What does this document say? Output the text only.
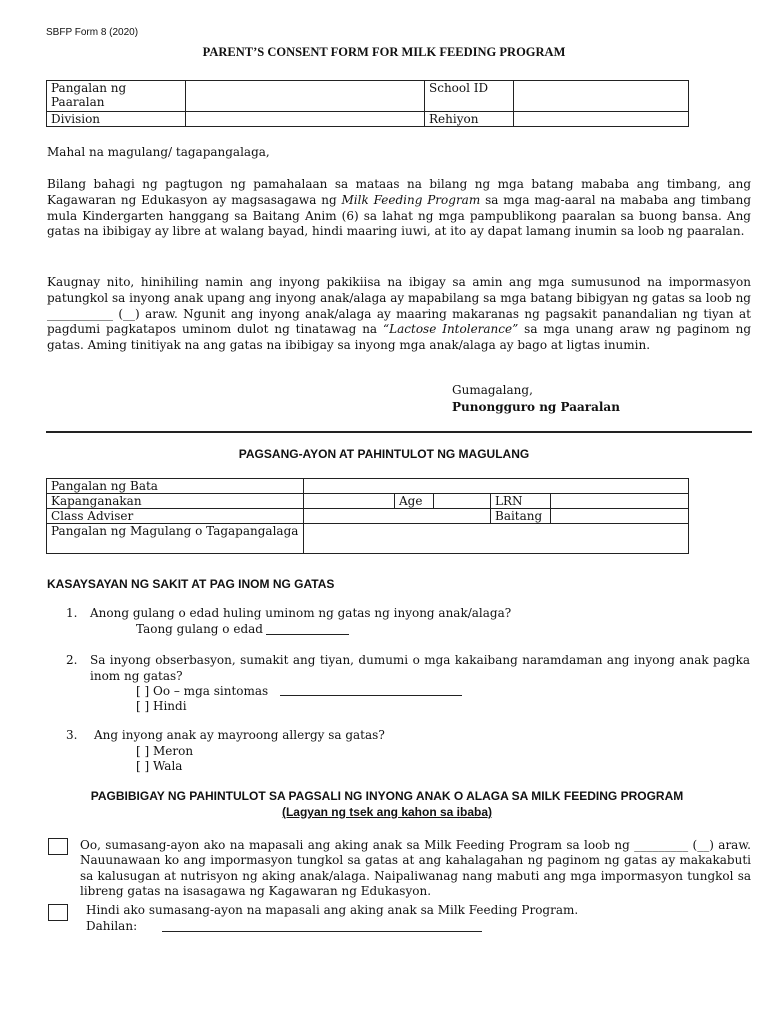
SBFP Form 8 (2020)
PARENT’S CONSENT FORM FOR MILK FEEDING PROGRAM
Pangalan ng Paaralan		School ID	
Division		Rehiyon	
Mahal na magulang/ tagapangalaga,
Bilang bahagi ng pagtugon ng pamahalaan sa mataas na bilang ng mga batang mababa ang timbang, ang Kagawaran ng Edukasyon ay magsasagawa ng Milk Feeding Program sa mga mag-aaral na mababa ang timbang mula Kindergarten hanggang sa Baitang Anim (6) sa lahat ng mga pampublikong paaralan sa buong bansa. Ang gatas na ibibigay ay libre at walang bayad, hindi maaring iuwi, at ito ay dapat lamang inumin sa loob ng paaralan.
Kaugnay nito, hinihiling namin ang inyong pakikiisa na ibigay sa amin ang mga sumusunod na impormasyon patungkol sa inyong anak upang ang inyong anak/alaga ay mapabilang sa mga batang bibigyan ng gatas sa loob ng ___________ (__) araw. Ngunit ang inyong anak/alaga ay maaring makaranas ng pagsakit panandalian ng tiyan at pagdumi pagkatapos uminom dulot ng tinatawag na “Lactose Intolerance” sa mga unang araw ng paginom ng gatas. Aming tinitiyak na ang gatas na ibibigay sa inyong mga anak/alaga ay bago at ligtas inumin.
Gumagalang,
Punongguro ng Paaralan
PAGSANG-AYON AT PAHINTULOT NG MAGULANG
Pangalan ng Bata				
Kapanganakan		Age		LRN

Class Adviser				Baitang

Pangalan ng Magulang o Tagapangalaga				
KASAYSAYAN NG SAKIT AT PAG INOM NG GATAS
1. Anong gulang o edad huling uminom ng gatas ng inyong anak/alaga?
Taong gulang o edad
2. Sa inyong obserbasyon, sumakit ang tiyan, dumumi o mga kakaibang naramdaman ang inyong anak pagka inom ng gatas?
[ ] Oo – mga sintomas
[ ] Hindi
3. Ang inyong anak ay mayroong allergy sa gatas?
[ ] Meron
[ ] Wala
PAGBIBIGAY NG PAHINTULOT SA PAGSALI NG INYONG ANAK O ALAGA SA MILK FEEDING PROGRAM
(Lagyan ng tsek ang kahon sa ibaba)
Oo, sumasang-ayon ako na mapasali ang aking anak sa Milk Feeding Program sa loob ng _________ (__) araw. Nauunawaan ko ang impormasyon tungkol sa gatas at ang kahalagahan ng paginom ng gatas ay makakabuti sa kalusugan at nutrisyon ng aking anak/alaga. Naipaliwanag nang mabuti ang mga impormasyon tungkol sa libreng gatas na isasagawa ng Kagawaran ng Edukasyon.
Hindi ako sumasang-ayon na mapasali ang aking anak sa Milk Feeding Program.
Dahilan:
